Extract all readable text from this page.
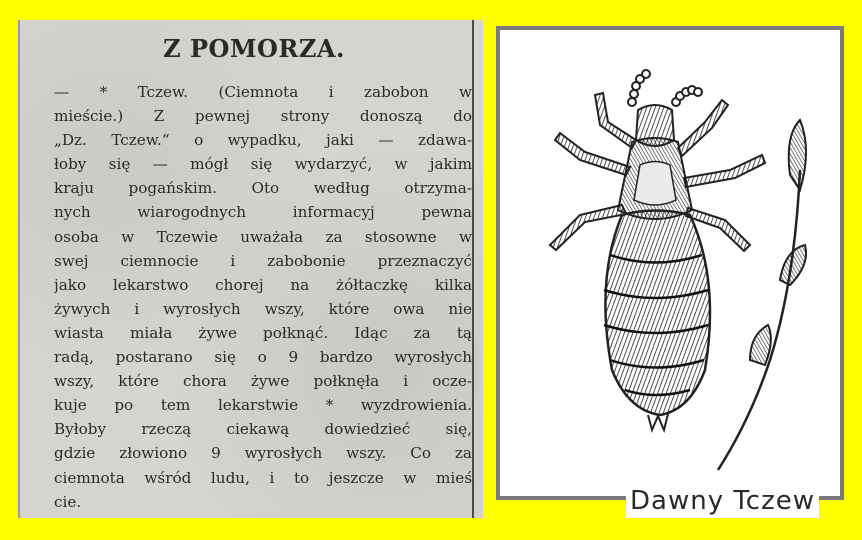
Z POMORZA.
— * Tczew. (Ciemnota i zabobon w
mieście.) Z pewnej strony donoszą do
„Dz. Tczew.“ o wypadku, jaki — zdawa-
łoby się — mógł się wydarzyć, w jakim
kraju pogańskim. Oto według otrzyma-
nych wiarogodnych informacyj pewna
osoba w Tczewie uważała za stosowne w
swej ciemnocie i zabobonie przeznaczyć
jako lekarstwo chorej na żółtaczkę kilka
żywych i wyrosłych wszy, które owa nie
wiasta miała żywe połknąć. Idąc za tą
radą, postarano się o 9 bardzo wyrosłych
wszy, które chora żywe połknęła i ocze-
kuje po tem lekarstwie * wyzdrowienia.
Byłoby rzeczą ciekawą dowiedzieć się,
gdzie złowiono 9 wyrosłych wszy. Co za
ciemnota wśród ludu, i to jeszcze w mieś
cie.	Dawny Tczew
